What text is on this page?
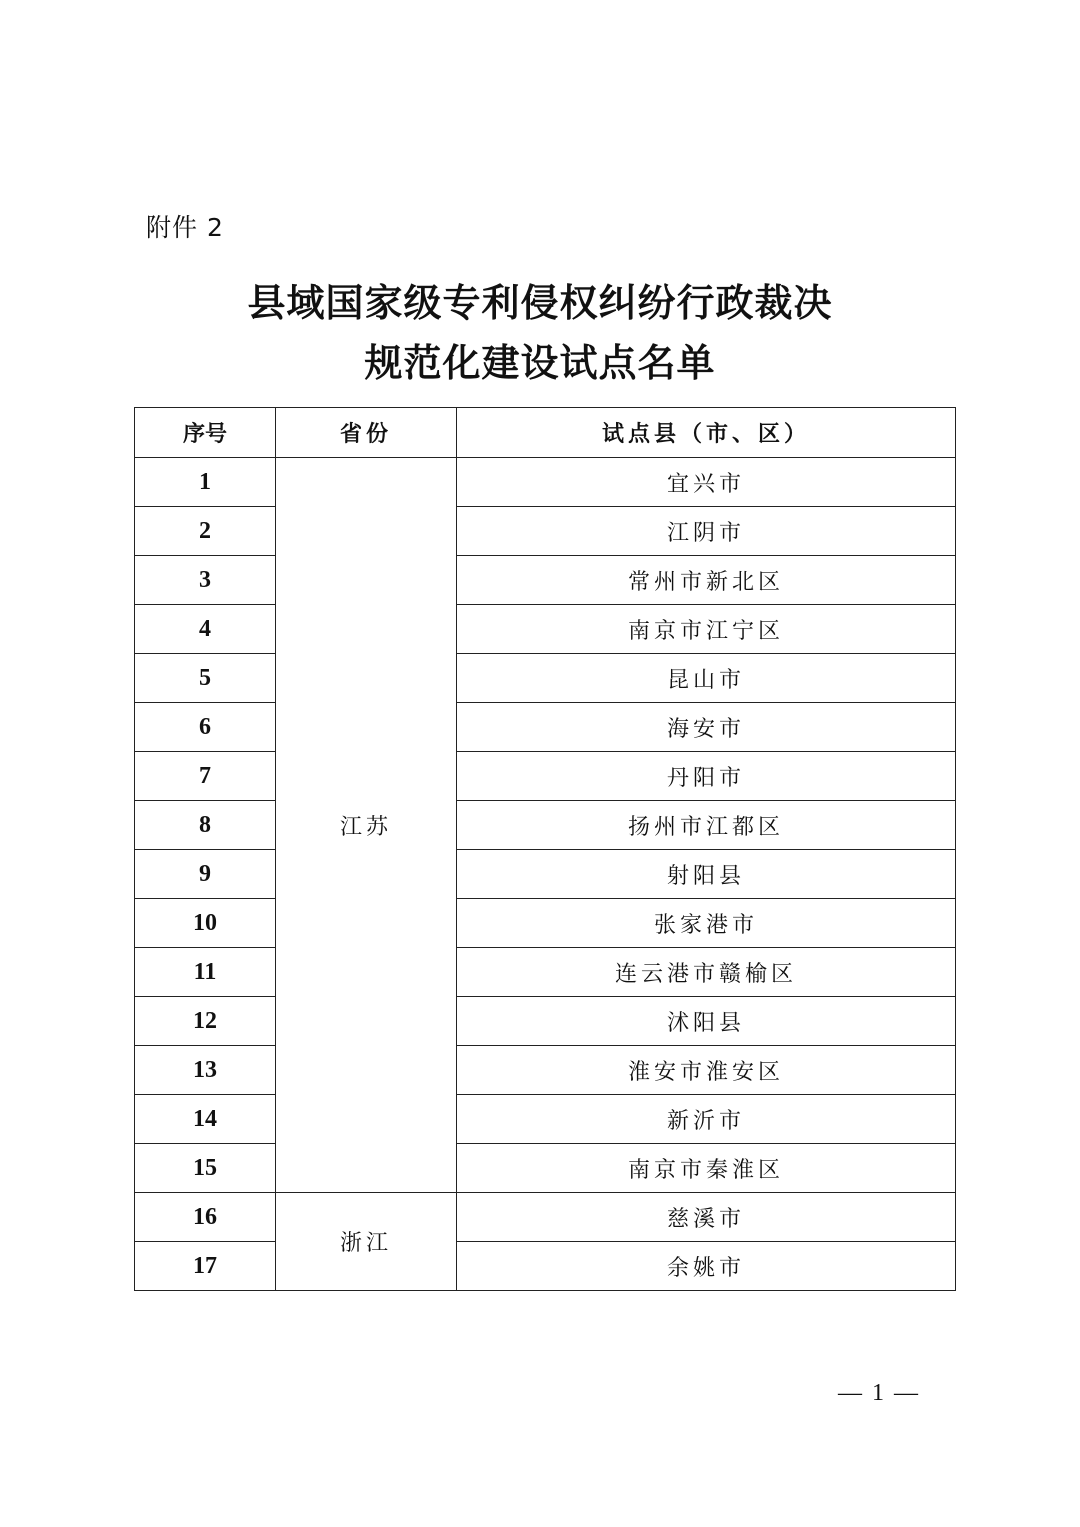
附件 2
县域国家级专利侵权纠纷行政裁决
规范化建设试点名单
序号	省份	试点县（市、区）
1	江苏	宜兴市
2		江阴市
3		常州市新北区
4		南京市江宁区
5		昆山市
6		海安市
7		丹阳市
8		扬州市江都区
9		射阳县
10		张家港市
11		连云港市赣榆区
12		沭阳县
13		淮安市淮安区
14		新沂市
15		南京市秦淮区
16	浙江	慈溪市
17		余姚市
— 1 —
